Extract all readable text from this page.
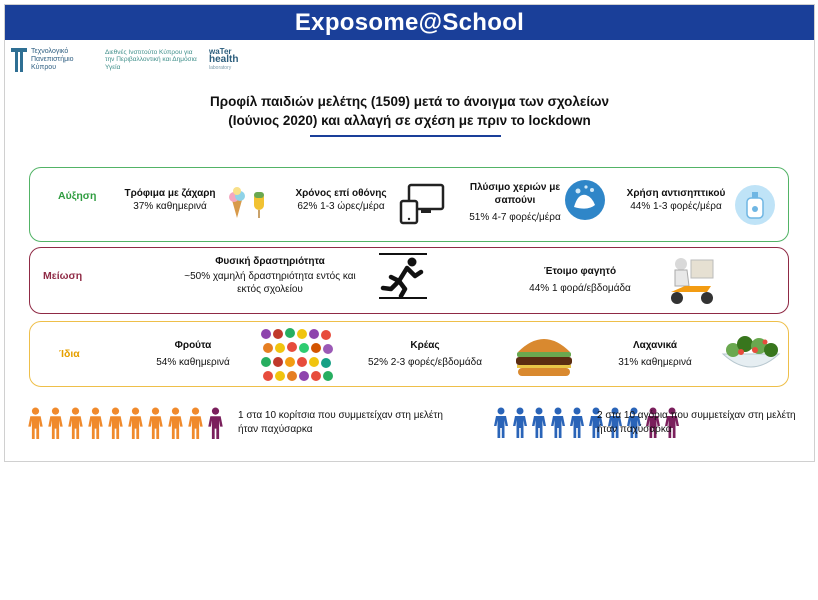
Exposome@School
Τεχνολογικό Πανεπιστήμιο Κύπρου
Διεθνές Ινστιτούτο Κύπρου για την Περιβαλλοντική και Δημόσια Υγεία
waTer
health
laboratory
Προφίλ παιδιών μελέτης (1509) μετά το άνοιγμα των σχολείων
(Ιούνιος 2020) και αλλαγή σε σχέση με πριν το lockdown
Αύξηση	Τρόφιμα με ζάχαρη
37% καθημερινά
Χρόνος επί οθόνης
62% 1-3 ώρες/μέρα
Πλύσιμο χεριών με σαπούνι
51% 4-7 φορές/μέρα
Χρήση αντισηπτικού
44% 1-3 φορές/μέρα
Μείωση
Φυσική δραστηριότητα
~50% χαμηλή δραστηριότητα εντός και εκτός σχολείου
Έτοιμο φαγητό
44% 1 φορά/εβδομάδα
Ίδια
Φρούτα
54% καθημερινά
Κρέας
52% 2-3 φορές/εβδομάδα
Λαχανικά
31% καθημερινά
1 στα 10 κορίτσια που συμμετείχαν στη μελέτη ήταν παχύσαρκα
2 στα 10 αγόρια που συμμετείχαν στη μελέτη ήταν παχύσαρκα
